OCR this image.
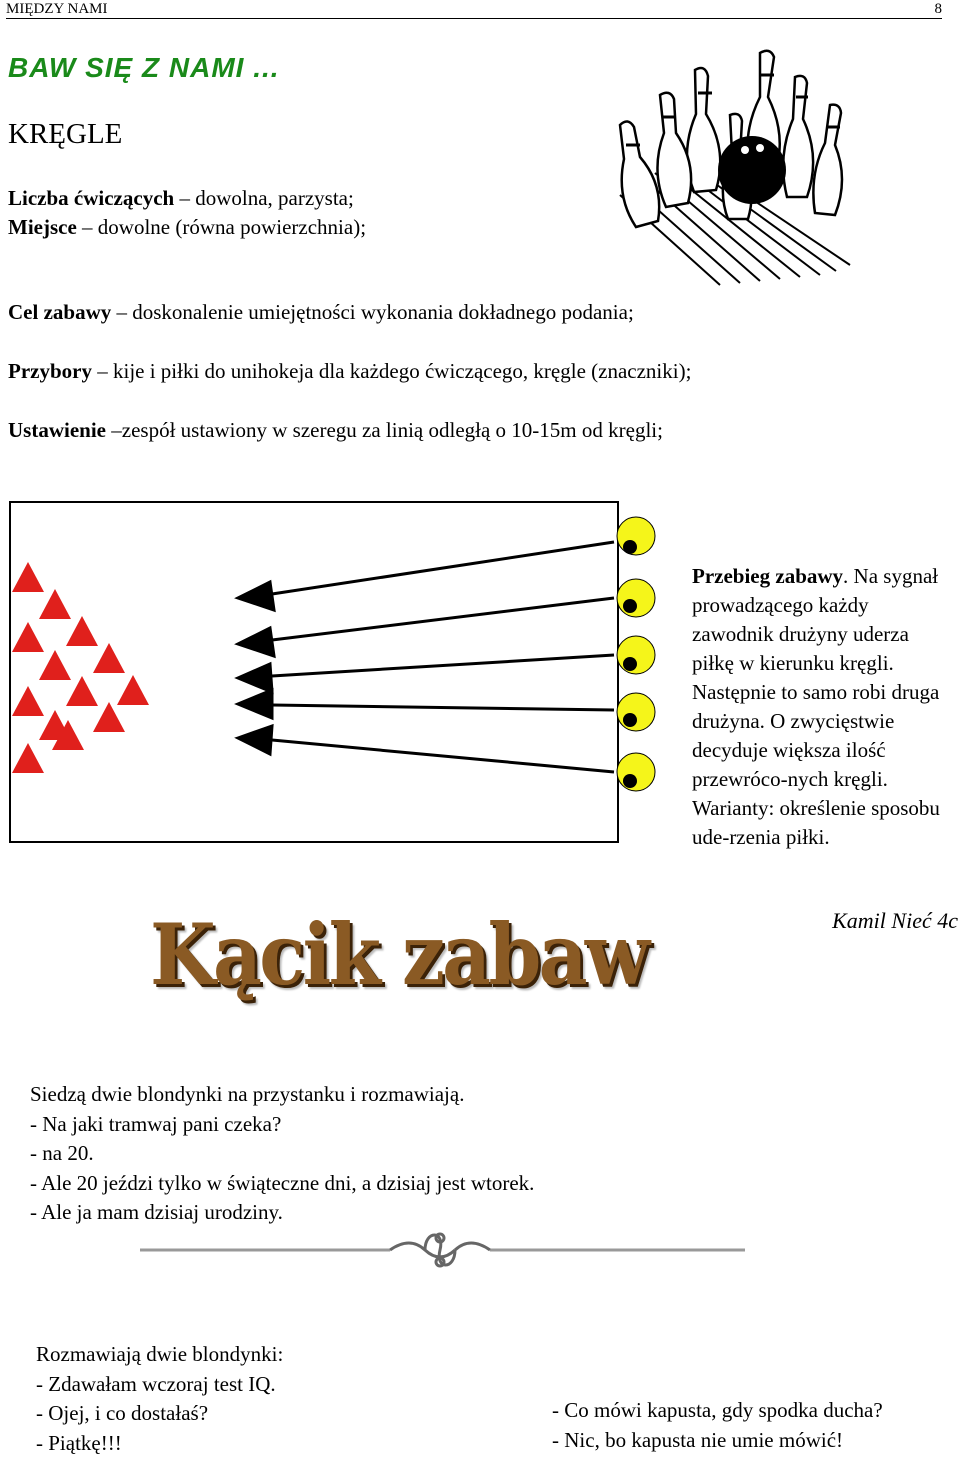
MIĘDZY NAMI	8
BAW SIĘ Z NAMI ...
KRĘGLE
Liczba ćwiczących – dowolna, parzysta;
Miejsce – dowolne (równa powierzchnia);
Cel zabawy – doskonalenie umiejętności wykonania dokładnego podania;
Przybory – kije i piłki do unihokeja dla każdego ćwiczącego, kręgle (znaczniki);
Ustawienie –zespół ustawiony w szeregu za linią odległą o 10-15m od kręgli;
Przebieg zabawy. Na sygnał prowadzącego każdy zawodnik drużyny uderza piłkę w kierunku kręgli. Następnie to samo robi druga drużyna. O zwycięstwie decyduje większa ilość przewróco-nych kręgli. Warianty: określenie sposobu ude-rzenia piłki.
Kamil Nieć 4c
Kącik zabaw
Siedzą dwie blondynki na przystanku i rozmawiają.
- Na jaki tramwaj pani czeka?
- na 20.
- Ale 20 jeździ tylko w świąteczne dni, a dzisiaj jest wtorek.
- Ale ja mam dzisiaj urodziny.
Rozmawiają dwie blondynki:
- Zdawałam wczoraj test IQ.
- Ojej, i co dostałaś?
- Piątkę!!!
- Co mówi kapusta, gdy spodka ducha?
- Nic, bo kapusta nie umie mówić!
